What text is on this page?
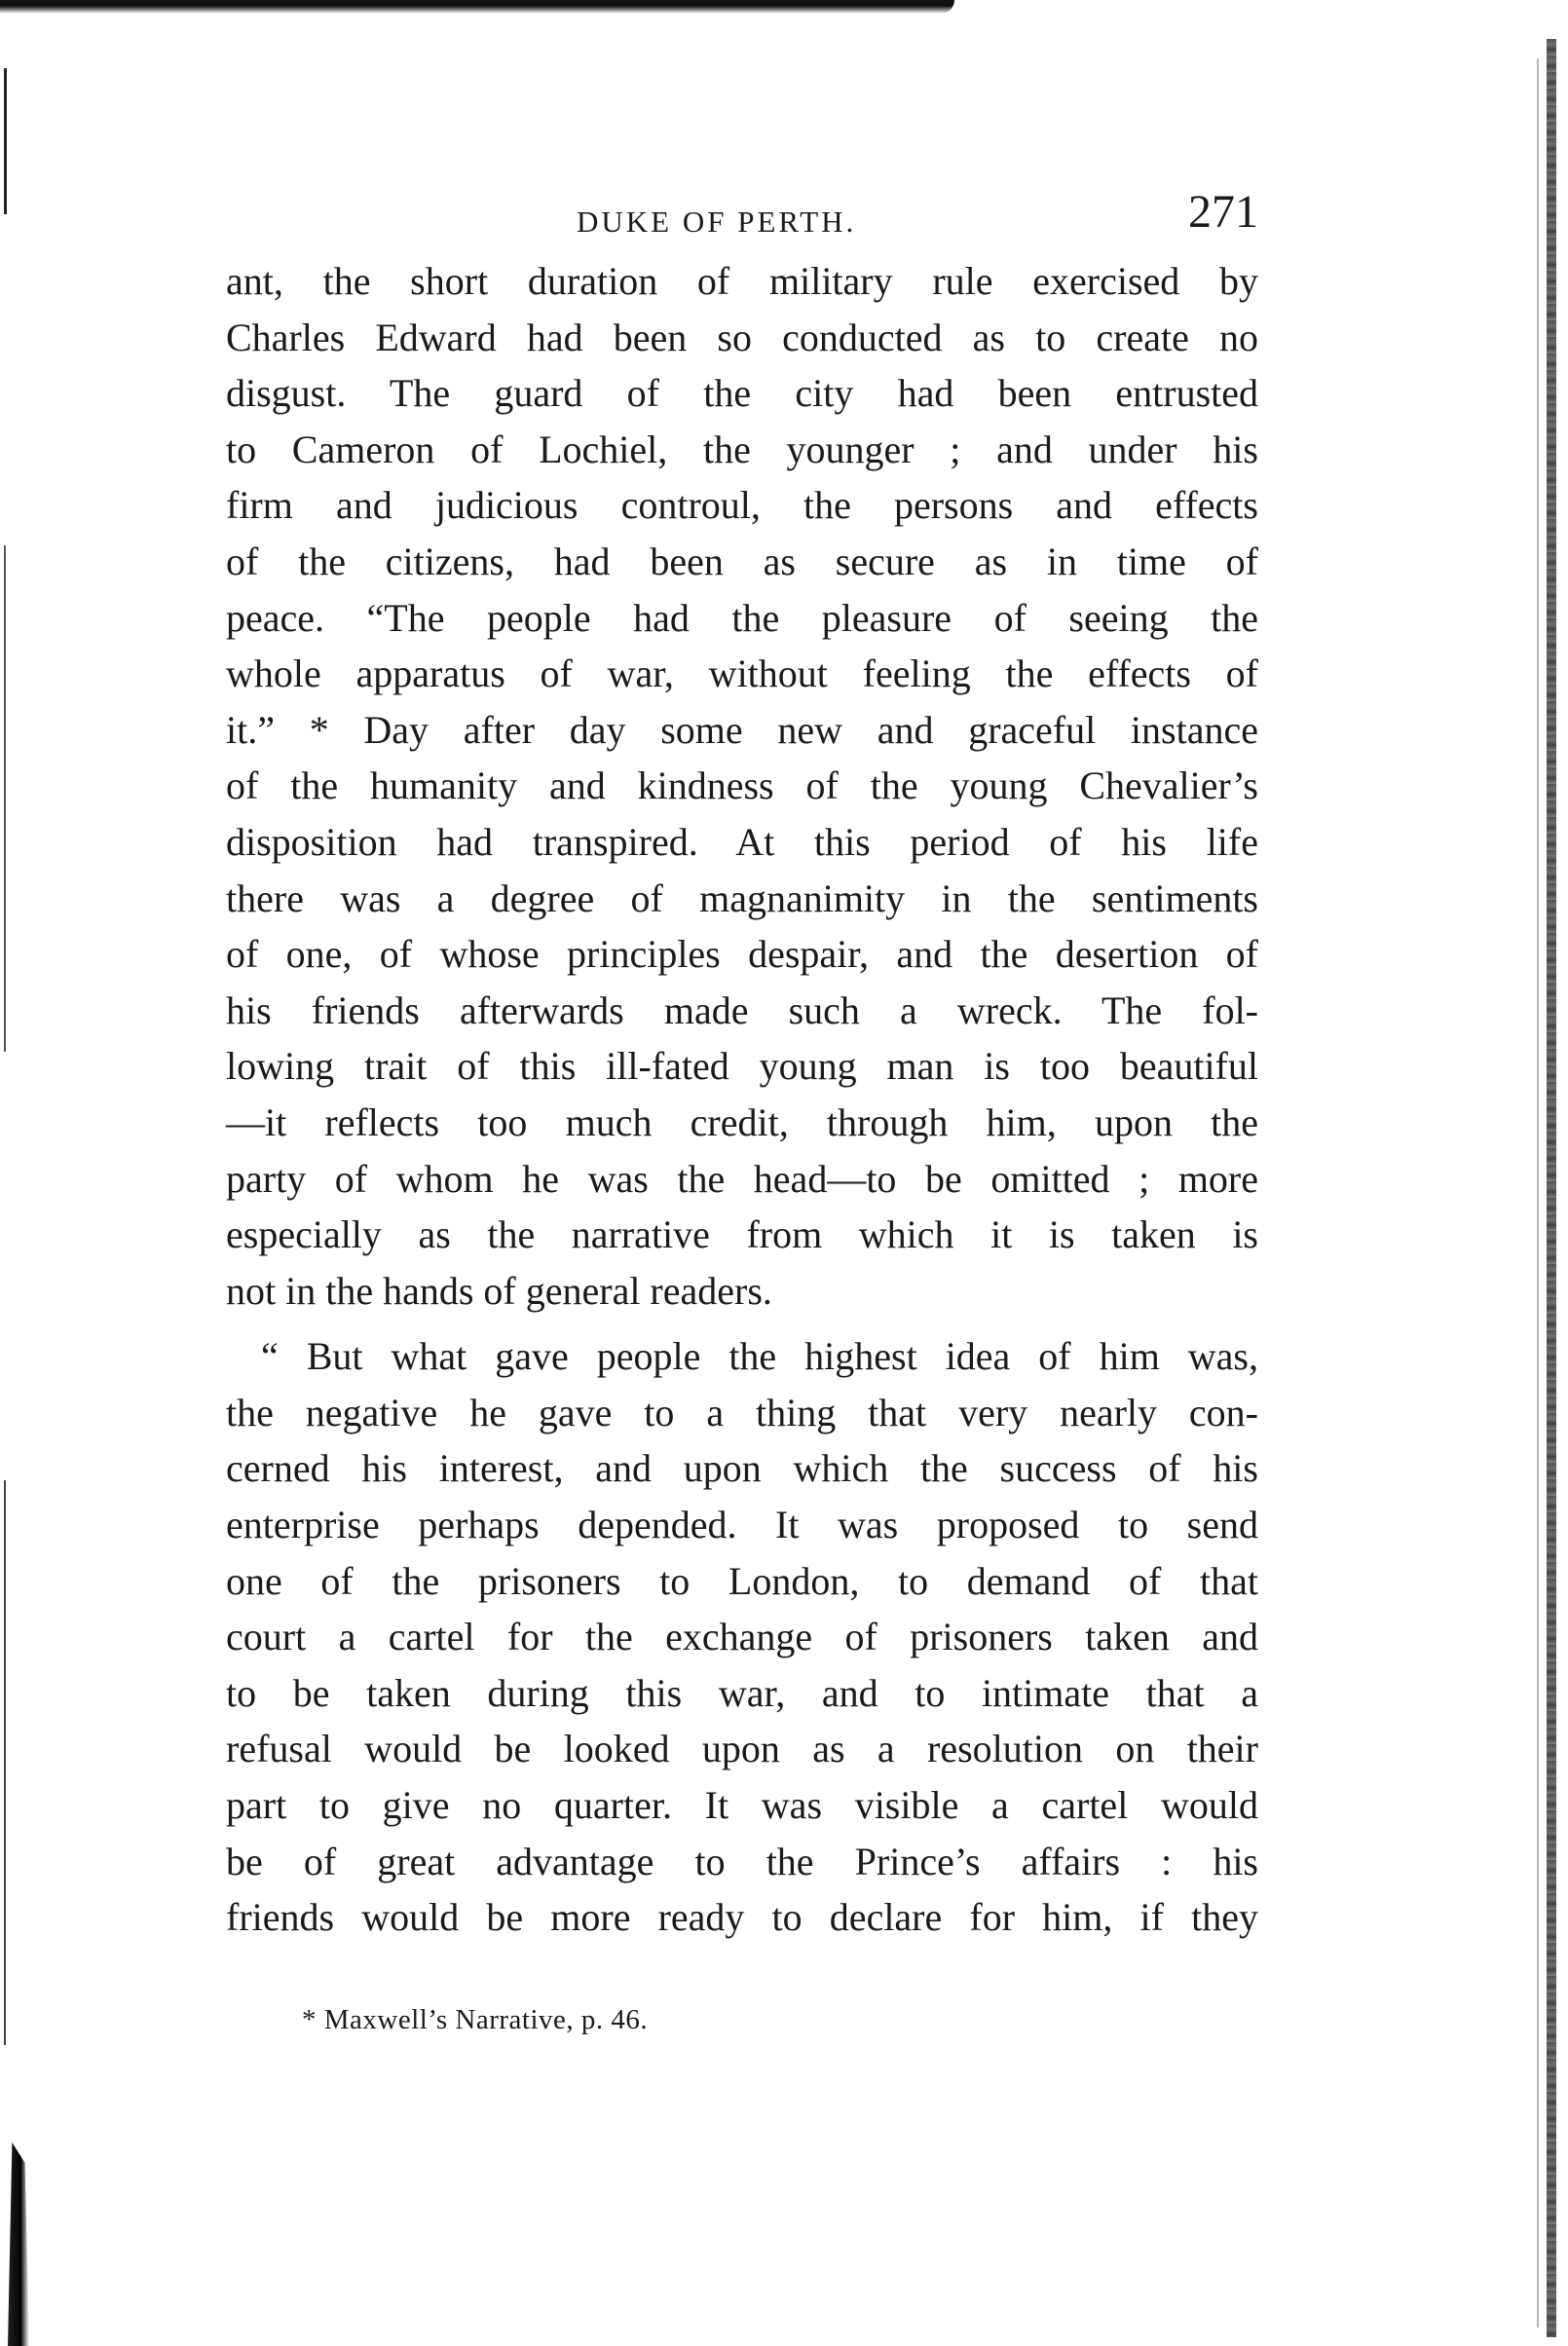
DUKE OF PERTH.	271

ant, the short duration of military rule exercised by
Charles Edward had been so conducted as to create no
disgust. The guard of the city had been entrusted
to Cameron of Lochiel, the younger ; and under his
firm and judicious controul, the persons and effects
of the citizens, had been as secure as in time of
peace. “The people had the pleasure of seeing the
whole apparatus of war, without feeling the effects of
it.” * Day after day some new and graceful instance
of the humanity and kindness of the young Chevalier’s
disposition had transpired. At this period of his life
there was a degree of magnanimity in the sentiments
of one, of whose principles despair, and the desertion of
his friends afterwards made such a wreck. The fol-
lowing trait of this ill-fated young man is too beautiful
—it reflects too much credit, through him, upon the
party of whom he was the head—to be omitted ; more
especially as the narrative from which it is taken is
not in the hands of general readers.

“ But what gave people the highest idea of him was,
the negative he gave to a thing that very nearly con-
cerned his interest, and upon which the success of his
enterprise perhaps depended. It was proposed to send
one of the prisoners to London, to demand of that
court a cartel for the exchange of prisoners taken and
to be taken during this war, and to intimate that a
refusal would be looked upon as a resolution on their
part to give no quarter. It was visible a cartel would
be of great advantage to the Prince’s affairs : his
friends would be more ready to declare for him, if they

* Maxwell’s Narrative, p. 46.
